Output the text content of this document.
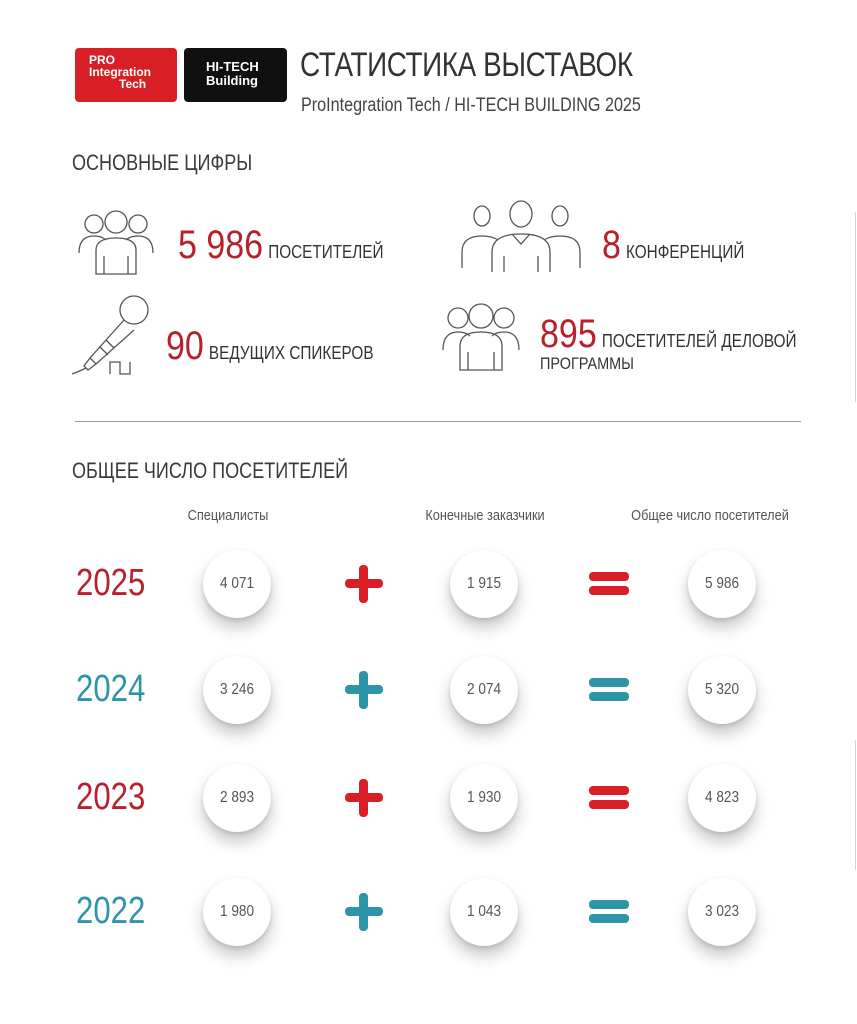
PRO
Integration
Tech
HI-TECH
Building СТАТИСТИКА ВЫСТАВОК
ProIntegration Tech / HI-TECH BUILDING 2025
ОСНОВНЫЕ ЦИФРЫ
5 986 ПОСЕТИТЕЛЕЙ	8 КОНФЕРЕНЦИЙ
90 ВЕДУЩИХ СПИКЕРОВ	895 ПОСЕТИТЕЛЕЙ ДЕЛОВОЙ
ПРОГРАММЫ
ОБЩЕЕ ЧИСЛО ПОСЕТИТЕЛЕЙ
Специалисты	Конечные заказчики	Общее число посетителей
2025	4 071	1 915	5 986
2024	3 246	2 074	5 320
2023	2 893	1 930	4 823
2022	1 980	1 043	3 023
